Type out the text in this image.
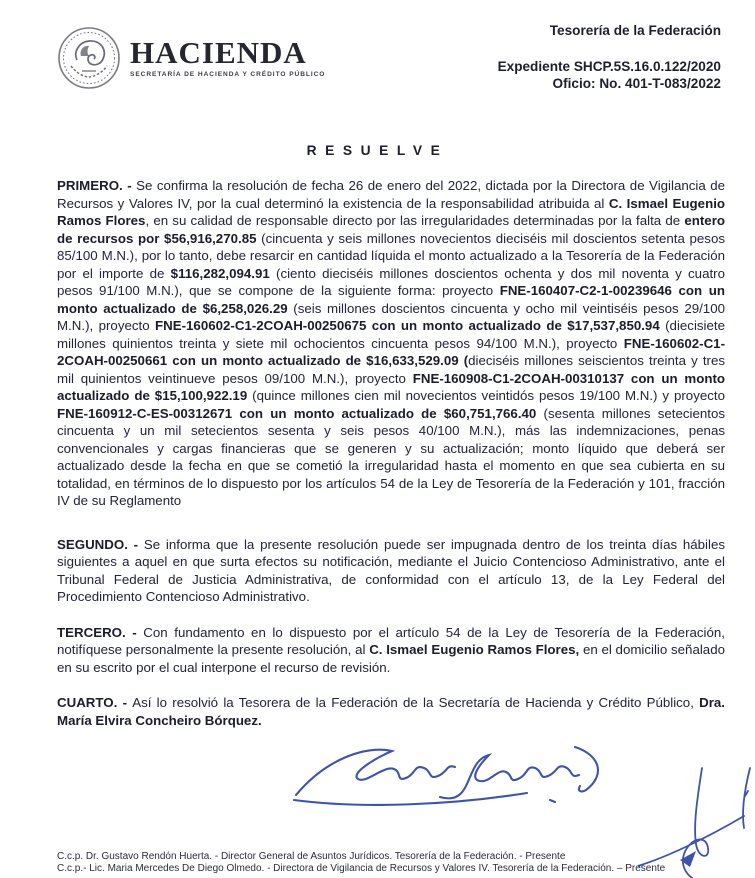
HACIENDA
SECRETARÍA DE HACIENDA Y CRÉDITO PÚBLICO
Tesorería de la Federación
Expediente SHCP.5S.16.0.122/2020
Oficio: No. 401-T-083/2022
RESUELVE

PRIMERO. - Se confirma la resolución de fecha 26 de enero del 2022, dictada por la Directora de Vigilancia de Recursos y Valores IV, por la cual determinó la existencia de la responsabilidad atribuida al C. Ismael Eugenio Ramos Flores, en su calidad de responsable directo por las irregularidades determinadas por la falta de entero de recursos por $56,916,270.85 (cincuenta y seis millones novecientos dieciséis mil doscientos setenta pesos 85/100 M.N.), por lo tanto, debe resarcir en cantidad líquida el monto actualizado a la Tesorería de la Federación por el importe de $116,282,094.91 (ciento dieciséis millones doscientos ochenta y dos mil noventa y cuatro pesos 91/100 M.N.), que se compone de la siguiente forma: proyecto FNE-160407-C2-1-00239646 con un monto actualizado de $6,258,026.29 (seis millones doscientos cincuenta y ocho mil veintiséis pesos 29/100 M.N.), proyecto FNE-160602-C1-2COAH-00250675 con un monto actualizado de $17,537,850.94 (diecisiete millones quinientos treinta y siete mil ochocientos cincuenta pesos 94/100 M.N.), proyecto FNE-160602-C1-2COAH-00250661 con un monto actualizado de $16,633,529.09 (dieciséis millones seiscientos treinta y tres mil quinientos veintinueve pesos 09/100 M.N.), proyecto FNE-160908-C1-2COAH-00310137 con un monto actualizado de $15,100,922.19 (quince millones cien mil novecientos veintidós pesos 19/100 M.N.) y proyecto FNE-160912-C-ES-00312671 con un monto actualizado de $60,751,766.40 (sesenta millones setecientos cincuenta y un mil setecientos sesenta y seis pesos 40/100 M.N.), más las indemnizaciones, penas convencionales y cargas financieras que se generen y su actualización; monto líquido que deberá ser actualizado desde la fecha en que se cometió la irregularidad hasta el momento en que sea cubierta en su totalidad, en términos de lo dispuesto por los artículos 54 de la Ley de Tesorería de la Federación y 101, fracción IV de su Reglamento

SEGUNDO. - Se informa que la presente resolución puede ser impugnada dentro de los treinta días hábiles siguientes a aquel en que surta efectos su notificación, mediante el Juicio Contencioso Administrativo, ante el Tribunal Federal de Justicia Administrativa, de conformidad con el artículo 13, de la Ley Federal del Procedimiento Contencioso Administrativo.

TERCERO. - Con fundamento en lo dispuesto por el artículo 54 de la Ley de Tesorería de la Federación, notifíquese personalmente la presente resolución, al C. Ismael Eugenio Ramos Flores, en el domicilio señalado en su escrito por el cual interpone el recurso de revisión.

CUARTO. - Así lo resolvió la Tesorera de la Federación de la Secretaría de Hacienda y Crédito Público, Dra. María Elvira Concheiro Bórquez.

C.c.p. Dr. Gustavo Rendón Huerta. - Director General de Asuntos Jurídicos. Tesorería de la Federación. - Presente
C.c.p.- Lic. Maria Mercedes De Diego Olmedo. - Directora de Vigilancia de Recursos y Valores IV. Tesorería de la Federación. – Presente
